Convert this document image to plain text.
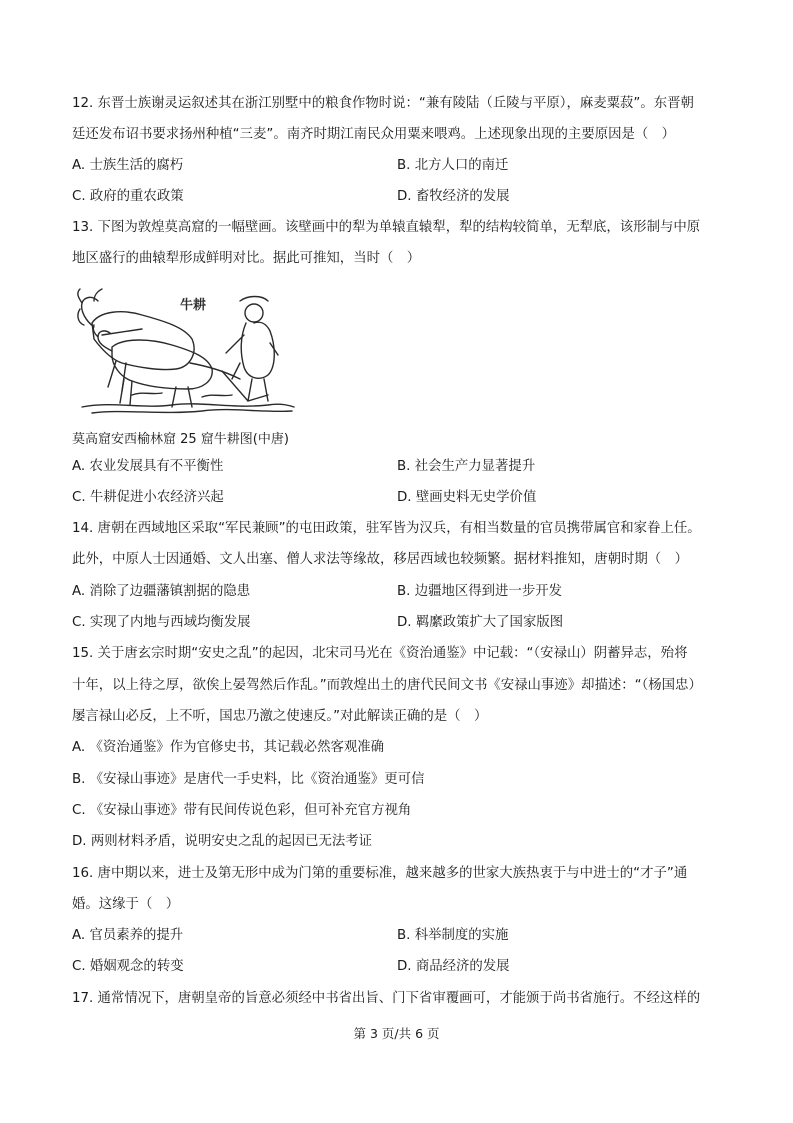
12. 东晋士族谢灵运叙述其在浙江别墅中的粮食作物时说：“兼有陵陆（丘陵与平原），麻麦粟菽”。东晋朝
廷还发布诏书要求扬州种植“三麦”。南齐时期江南民众用粟来喂鸡。上述现象出现的主要原因是（　）
A. 士族生活的腐朽	B. 北方人口的南迁
C. 政府的重农政策	D. 畜牧经济的发展
13. 下图为敦煌莫高窟的一幅壁画。该壁画中的犁为单辕直辕犁，犁的结构较简单，无犁底，该形制与中原
地区盛行的曲辕犁形成鲜明对比。据此可推知，当时（　）
牛耕
莫高窟安西榆林窟 25 窟牛耕图(中唐)
A. 农业发展具有不平衡性	B. 社会生产力显著提升
C. 牛耕促进小农经济兴起	D. 壁画史料无史学价值
14. 唐朝在西域地区采取“军民兼顾”的屯田政策，驻军皆为汉兵，有相当数量的官员携带属官和家眷上任。
此外，中原人士因通婚、文人出塞、僧人求法等缘故，移居西域也较频繁。据材料推知，唐朝时期（　）
A. 消除了边疆藩镇割据的隐患	B. 边疆地区得到进一步开发
C. 实现了内地与西域均衡发展	D. 羁縻政策扩大了国家版图
15. 关于唐玄宗时期“安史之乱”的起因，北宋司马光在《资治通鉴》中记载：“（安禄山）阴蓄异志，殆将
十年，以上待之厚，欲俟上晏驾然后作乱。”而敦煌出土的唐代民间文书《安禄山事迹》却描述：“（杨国忠）
屡言禄山必反，上不听，国忠乃激之使速反。”对此解读正确的是（　）
A. 《资治通鉴》作为官修史书，其记载必然客观准确
B. 《安禄山事迹》是唐代一手史料，比《资治通鉴》更可信
C. 《安禄山事迹》带有民间传说色彩，但可补充官方视角
D. 两则材料矛盾，说明安史之乱的起因已无法考证
16. 唐中期以来，进士及第无形中成为门第的重要标准，越来越多的世家大族热衷于与中进士的“才子”通
婚。这缘于（　）
A. 官员素养的提升	B. 科举制度的实施
C. 婚姻观念的转变	D. 商品经济的发展
17. 通常情况下，唐朝皇帝的旨意必须经中书省出旨、门下省审覆画可，才能颁于尚书省施行。不经这样的
第 3 页/共 6 页
